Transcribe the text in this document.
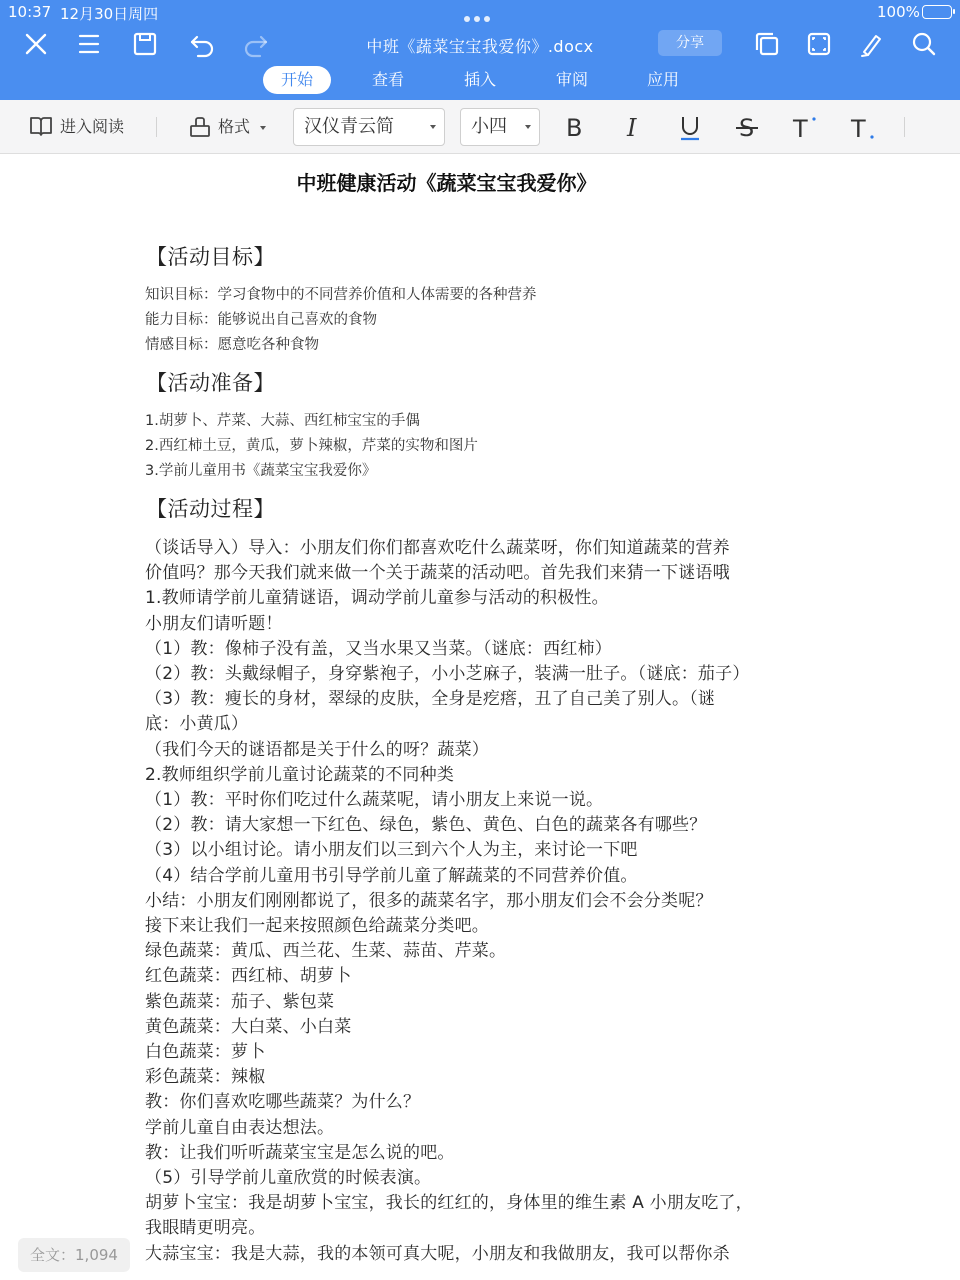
10:37 12月30日周四	100%
中班《蔬菜宝宝我爱你》.docx	分享
开始	查看	插入	审阅	应用
进入阅读	格式	汉仪青云简	小四	B I	S T T
中班健康活动《蔬菜宝宝我爱你》
【活动目标】
知识目标：学习食物中的不同营养价值和人体需要的各种营养
能力目标：能够说出自己喜欢的食物
情感目标：愿意吃各种食物
【活动准备】
1.胡萝卜、芹菜、大蒜、西红柿宝宝的手偶
2.西红柿土豆，黄瓜，萝卜辣椒，芹菜的实物和图片
3.学前儿童用书《蔬菜宝宝我爱你》
【活动过程】
（谈话导入）导入：小朋友们你们都喜欢吃什么蔬菜呀，你们知道蔬菜的营养
价值吗？那今天我们就来做一个关于蔬菜的活动吧。首先我们来猜一下谜语哦
1.教师请学前儿童猜谜语，调动学前儿童参与活动的积极性。
小朋友们请听题！
（1）教：像柿子没有盖，又当水果又当菜。（谜底：西红柿）
（2）教：头戴绿帽子，身穿紫袍子，小小芝麻子，装满一肚子。（谜底：茄子）
（3）教：瘦长的身材，翠绿的皮肤，全身是疙瘩，丑了自己美了别人。（谜
底：小黄瓜）
（我们今天的谜语都是关于什么的呀？蔬菜）
2.教师组织学前儿童讨论蔬菜的不同种类
（1）教：平时你们吃过什么蔬菜呢，请小朋友上来说一说。
（2）教：请大家想一下红色、绿色，紫色、黄色、白色的蔬菜各有哪些？
（3）以小组讨论。请小朋友们以三到六个人为主，来讨论一下吧
（4）结合学前儿童用书引导学前儿童了解蔬菜的不同营养价值。
小结：小朋友们刚刚都说了，很多的蔬菜名字，那小朋友们会不会分类呢？
接下来让我们一起来按照颜色给蔬菜分类吧。
绿色蔬菜：黄瓜、西兰花、生菜、蒜苗、芹菜。
红色蔬菜：西红柿、胡萝卜
紫色蔬菜：茄子、紫包菜
黄色蔬菜：大白菜、小白菜
白色蔬菜：萝卜
彩色蔬菜：辣椒
教：你们喜欢吃哪些蔬菜？为什么？
学前儿童自由表达想法。
教：让我们听听蔬菜宝宝是怎么说的吧。
（5）引导学前儿童欣赏的时候表演。
胡萝卜宝宝：我是胡萝卜宝宝，我长的红红的，身体里的维生素 A 小朋友吃了，
我眼睛更明亮。
大蒜宝宝：我是大蒜，我的本领可真大呢，小朋友和我做朋友，我可以帮你杀
全文：1,094
